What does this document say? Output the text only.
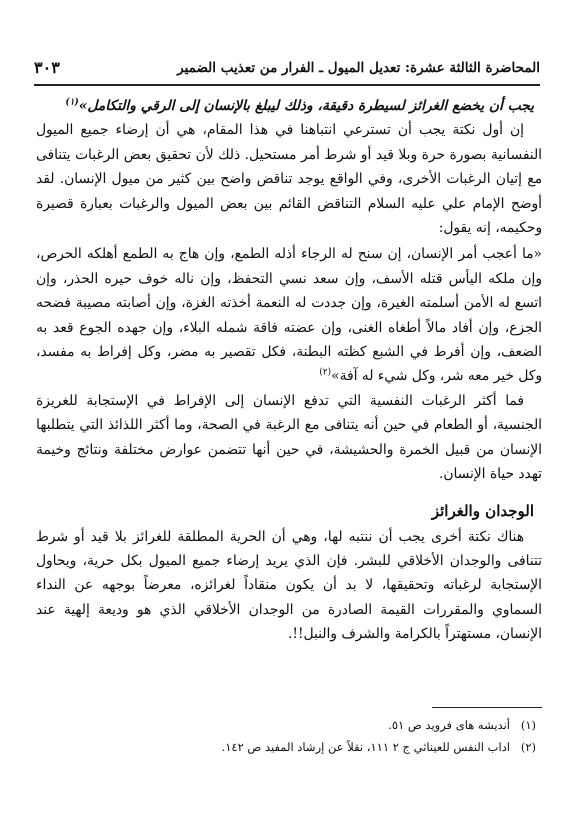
المحاضرة الثالثة عشرة: تعديل الميول ـ الفرار من تعذيب الضمير
٣٠٣

يجب أن يخضع الغرائز لسيطرة دقيقة، وذلك ليبلغ بالإنسان إلى الرقي والتكامل»$^{(١)}$

إن أول نكتة يجب أن تسترعي انتباهنا في هذا المقام، هي أن إرضاء جميع الميول النفسانية بصورة حرة وبلا قيد أو شرط أمر مستحيل. ذلك لأن تحقيق بعض الرغبات يتنافى مع إتيان الرغبات الأخرى، وفي الواقع يوجد تناقض واضح بين كثير من ميول الإنسان. لقد أوضح الإمام علي عليه السلام التناقض القائم بين بعض الميول والرغبات بعبارة قصيرة وحكيمه، إنه يقول:

«ما أعجب أمر الإنسان، إن سنح له الرجاء أذله الطمع، وإن هاج به الطمع أهلكه الحرص، وإن ملكه اليأس قتله الأسف، وإن سعد نسي التحفظ، وإن ناله خوف حيره الحذر، وإن اتسع له الأمن أسلمته الغيرة، وإن جددت له النعمة أخذته الغزة، وإن أصابته مصيبة فضحه الجزع، وإن أفاد مالاً أطغاه الغنى، وإن عضته فاقة شمله البلاء، وإن جهده الجوع قعد به الضعف، وإن أفرط في الشبع كظته البطنة، فكل تقصير به مضر، وكل إفراط به مفسد، وكل خير معه شر، وكل شيء له آفة»$^{(٢)}$

فما أكثر الرغبات النفسية التي تدفع الإنسان إلى الإفراط في الإستجابة للغريزة الجنسية، أو الطعام في حين أنه يتنافى مع الرغبة في الصحة، وما أكثر اللذائذ التي يتطلبها الإنسان من قبيل الخمرة والحشيشة، في حين أنها تتضمن عوارض مختلفة ونتائج وخيمة تهدد حياة الإنسان.

الوجدان والغرائز

هناك نكتة أخرى يجب أن ننتبه لها، وهي أن الحرية المطلقة للغرائز بلا قيد أو شرط تتنافى والوجدان الأخلاقي للبشر. فإن الذي يريد إرضاء جميع الميول بكل حرية، ويحاول الإستجابة لرغباته وتحقيقها، لا بد أن يكون منقاداً لغرائزه، معرضاً بوجهه عن النداء السماوي والمقررات القيمة الصادرة من الوجدان الأخلاقي الذي هو وديعة إلهية عند الإنسان، مستهتراً بالكرامة والشرف والنبل!!.

(١)أنديشه هاى فرويد ص ٥١.
(٢)اداب النفس للعيناثي ج ٢ ١١١، نقلاً عن إرشاد المفيد ص ١٤٢.
